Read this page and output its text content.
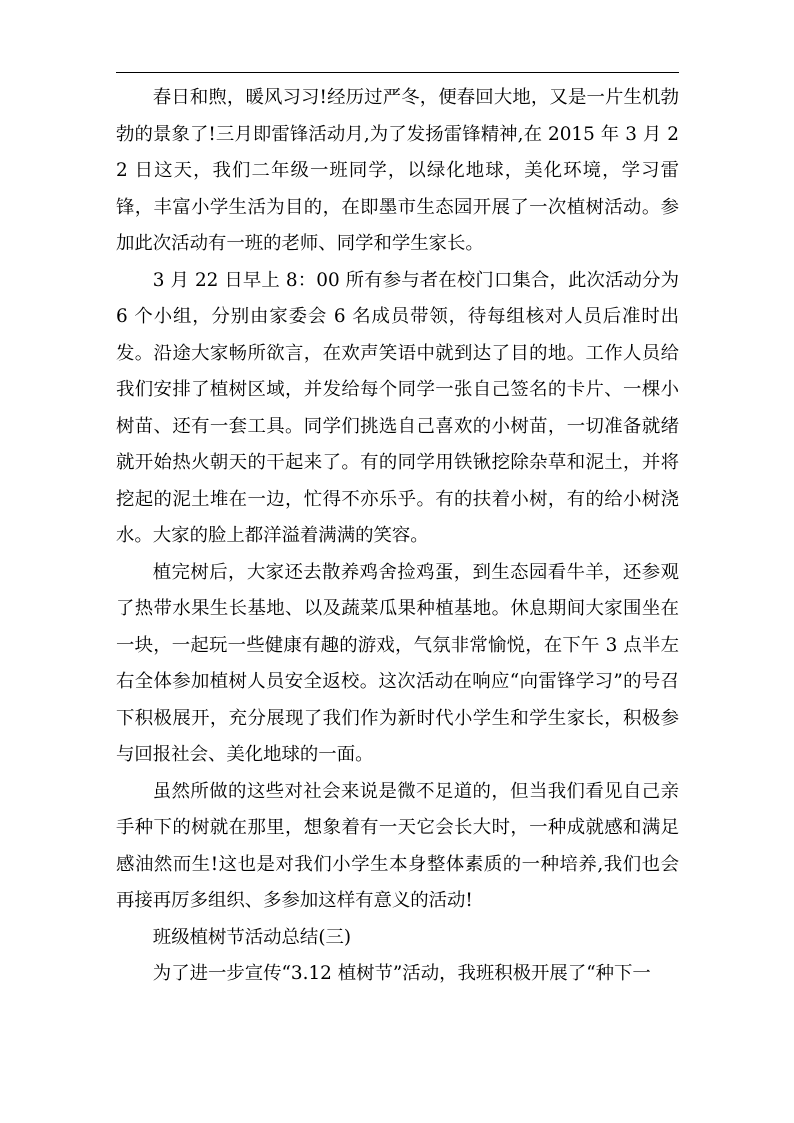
春日和煦，暖风习习!经历过严冬，便春回大地，又是一片生机勃勃的景象了!三月即雷锋活动月,为了发扬雷锋精神,在 2015 年 3 月 22 日这天，我们二年级一班同学，以绿化地球，美化环境，学习雷锋，丰富小学生活为目的，在即墨市生态园开展了一次植树活动。参加此次活动有一班的老师、同学和学生家长。

3 月 22 日早上 8：00 所有参与者在校门口集合，此次活动分为 6 个小组，分别由家委会 6 名成员带领，待每组核对人员后准时出发。沿途大家畅所欲言，在欢声笑语中就到达了目的地。工作人员给我们安排了植树区域，并发给每个同学一张自己签名的卡片、一棵小树苗、还有一套工具。同学们挑选自己喜欢的小树苗，一切准备就绪就开始热火朝天的干起来了。有的同学用铁锹挖除杂草和泥土，并将挖起的泥土堆在一边，忙得不亦乐乎。有的扶着小树，有的给小树浇水。大家的脸上都洋溢着满满的笑容。

植完树后，大家还去散养鸡舍捡鸡蛋，到生态园看牛羊，还参观了热带水果生长基地、以及蔬菜瓜果种植基地。休息期间大家围坐在一块，一起玩一些健康有趣的游戏，气氛非常愉悦，在下午 3 点半左右全体参加植树人员安全返校。这次活动在响应“向雷锋学习”的号召下积极展开，充分展现了我们作为新时代小学生和学生家长，积极参与回报社会、美化地球的一面。

虽然所做的这些对社会来说是微不足道的，但当我们看见自己亲手种下的树就在那里，想象着有一天它会长大时，一种成就感和满足感油然而生!这也是对我们小学生本身整体素质的一种培养,我们也会再接再厉多组织、多参加这样有意义的活动!

班级植树节活动总结(三)

为了进一步宣传“3.12 植树节”活动，我班积极开展了“种下一
